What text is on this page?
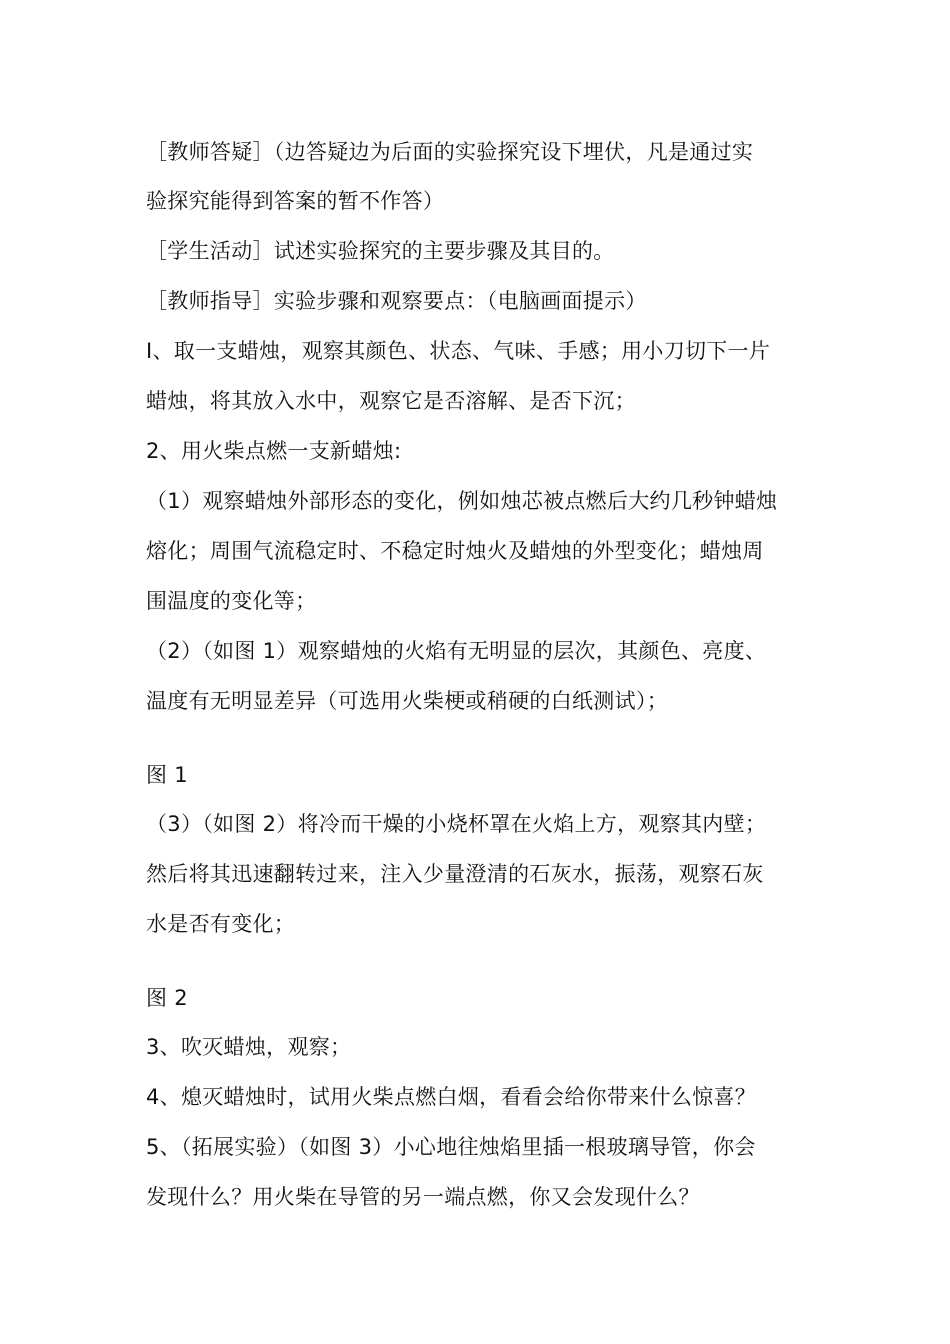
［教师答疑］（边答疑边为后面的实验探究设下埋伏，凡是通过实
验探究能得到答案的暂不作答）
［学生活动］试述实验探究的主要步骤及其目的。
［教师指导］实验步骤和观察要点：（电脑画面提示）
Ⅰ、取一支蜡烛，观察其颜色、状态、气味、手感；用小刀切下一片
蜡烛，将其放入水中，观察它是否溶解、是否下沉；
2、用火柴点燃一支新蜡烛:
（1）观察蜡烛外部形态的变化，例如烛芯被点燃后大约几秒钟蜡烛
熔化；周围气流稳定时、不稳定时烛火及蜡烛的外型变化；蜡烛周
围温度的变化等；
（2）（如图 1）观察蜡烛的火焰有无明显的层次，其颜色、亮度、
温度有无明显差异（可选用火柴梗或稍硬的白纸测试）；
图 1
（3）（如图 2）将冷而干燥的小烧杯罩在火焰上方，观察其内壁；
然后将其迅速翻转过来，注入少量澄清的石灰水，振荡，观察石灰
水是否有变化；
图 2
3、吹灭蜡烛，观察；
4、熄灭蜡烛时，试用火柴点燃白烟，看看会给你带来什么惊喜？
5、（拓展实验）（如图 3）小心地往烛焰里插一根玻璃导管，你会
发现什么？用火柴在导管的另一端点燃，你又会发现什么？
